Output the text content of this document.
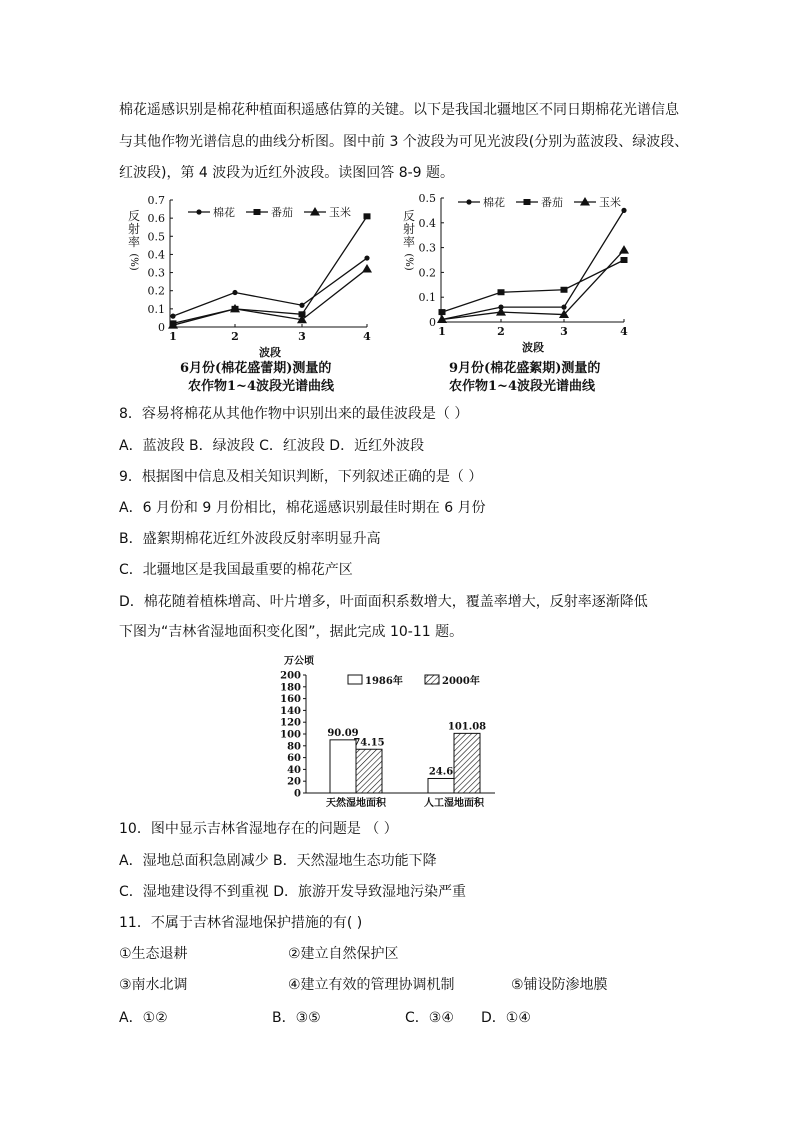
棉花遥感识别是棉花种植面积遥感估算的关键。以下是我国北疆地区不同日期棉花光谱信息
与其他作物光谱信息的曲线分析图。图中前 3 个波段为可见光波段(分别为蓝波段、绿波段、
红波段)，第 4 波段为近红外波段。读图回答 8-9 题。
0
0.1
0.2
0.3
0.4
0.5
0.6
0.7
1	2	3	4
波段
反
射
率
(%)
棉花	番茄	玉米
6月份(棉花盛蕾期)测量的
农作物1~4波段光谱曲线
0
0.1
0.2
0.3
0.4
0.5
1	2	3	4
波段
反
射
率
(%)
棉花	番茄	玉米
9月份(棉花盛絮期)测量的
农作物1~4波段光谱曲线
8．容易将棉花从其他作物中识别出来的最佳波段是（ ）
A．蓝波段 B．绿波段 C．红波段 D．近红外波段
9．根据图中信息及相关知识判断，下列叙述正确的是（ ）
A．6 月份和 9 月份相比，棉花遥感识别最佳时期在 6 月份
B．盛絮期棉花近红外波段反射率明显升高
C．北疆地区是我国最重要的棉花产区
D．棉花随着植株增高、叶片增多，叶面面积系数增大，覆盖率增大，反射率逐渐降低
下图为“吉林省湿地面积变化图”，据此完成 10-11 题。
万公顷
0
20
40
60
80
100
120
140
160
180
200	1986年	2000年
90.09
74.15
天然湿地面积
24.6
101.08
人工湿地面积
10．图中显示吉林省湿地存在的问题是 （ ）
A．湿地总面积急剧减少 B．天然湿地生态功能下降
C．湿地建设得不到重视 D．旅游开发导致湿地污染严重
11．不属于吉林省湿地保护措施的有( )
①生态退耕	②建立自然保护区
③南水北调	④建立有效的管理协调机制	⑤铺设防渗地膜
A．①②	B．③⑤	C．③④ D．①④
